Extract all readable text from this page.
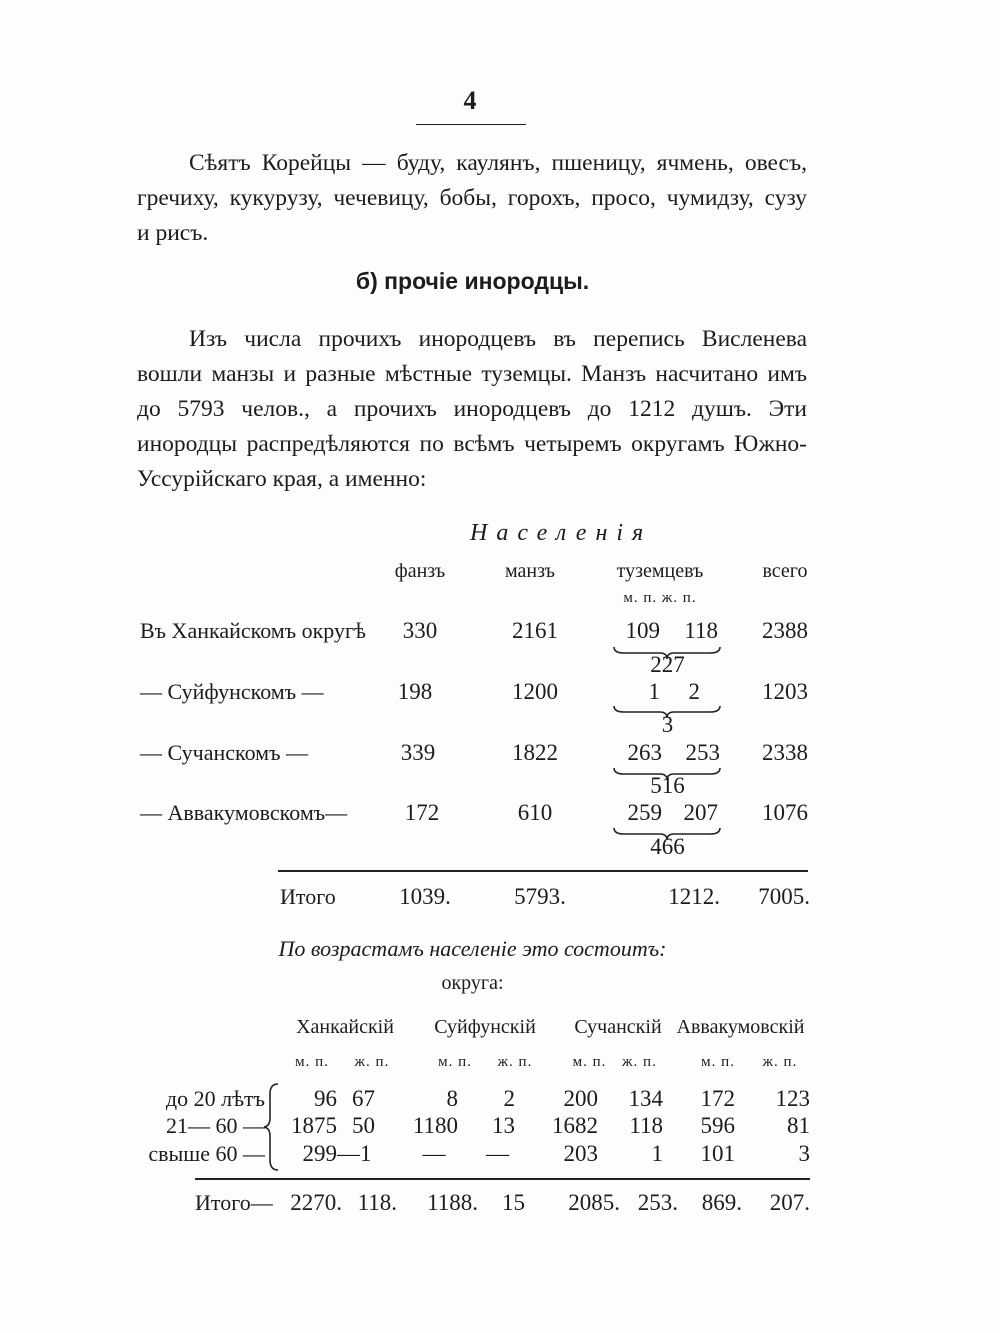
4
Сѣятъ Корейцы — буду, каулянъ, пшеницу, ячмень, овесъ,
гречиху, кукурузу, чечевицу, бобы, горохъ, просо, чумидзу, сузу
и рисъ.
б) прочіе инородцы.
Изъ числа прочихъ инородцевъ въ перепись Висленева
вошли манзы и разные мѣстные туземцы. Манзъ насчитано имъ
до 5793 челов., а прочихъ инородцевъ до 1212 душъ. Эти
инородцы распредѣляются по всѣмъ четыремъ округамъ Южно-
Уссурійскаго края, а именно:
Населенія
фанзъ	манзъ	туземцевъ	всего
м. п. ж. п.
Въ Ханкайскомъ округѣ	330	2161	109	118	2388
227
— Суйфунскомъ —	198	1200	1	2	1203
3
— Сучанскомъ —	339	1822	263	253	2338
516
— Аввакумовскомъ—	172	610	259 207	1076
466
Итого	1039.	5793.	1212.	7005.
По возрастамъ населеніе это состоитъ:
округа:
Ханкайскій	Суйфунскій	Сучанскій Аввакумовскій
м. п.	ж. п.	м. п.	ж. п.	м. п.	ж. п.	м. п.	ж. п.
до 20 лѣтъ	96 67	8	2	200	134	172	123
21— 60 —	1875 50	1180	13	1682	118	596	81
свыше 60 —	299 —1	—	—	203	1	101	3
Итого— 2270. 118.	1188.	15	2085. 253.	869.	207.
